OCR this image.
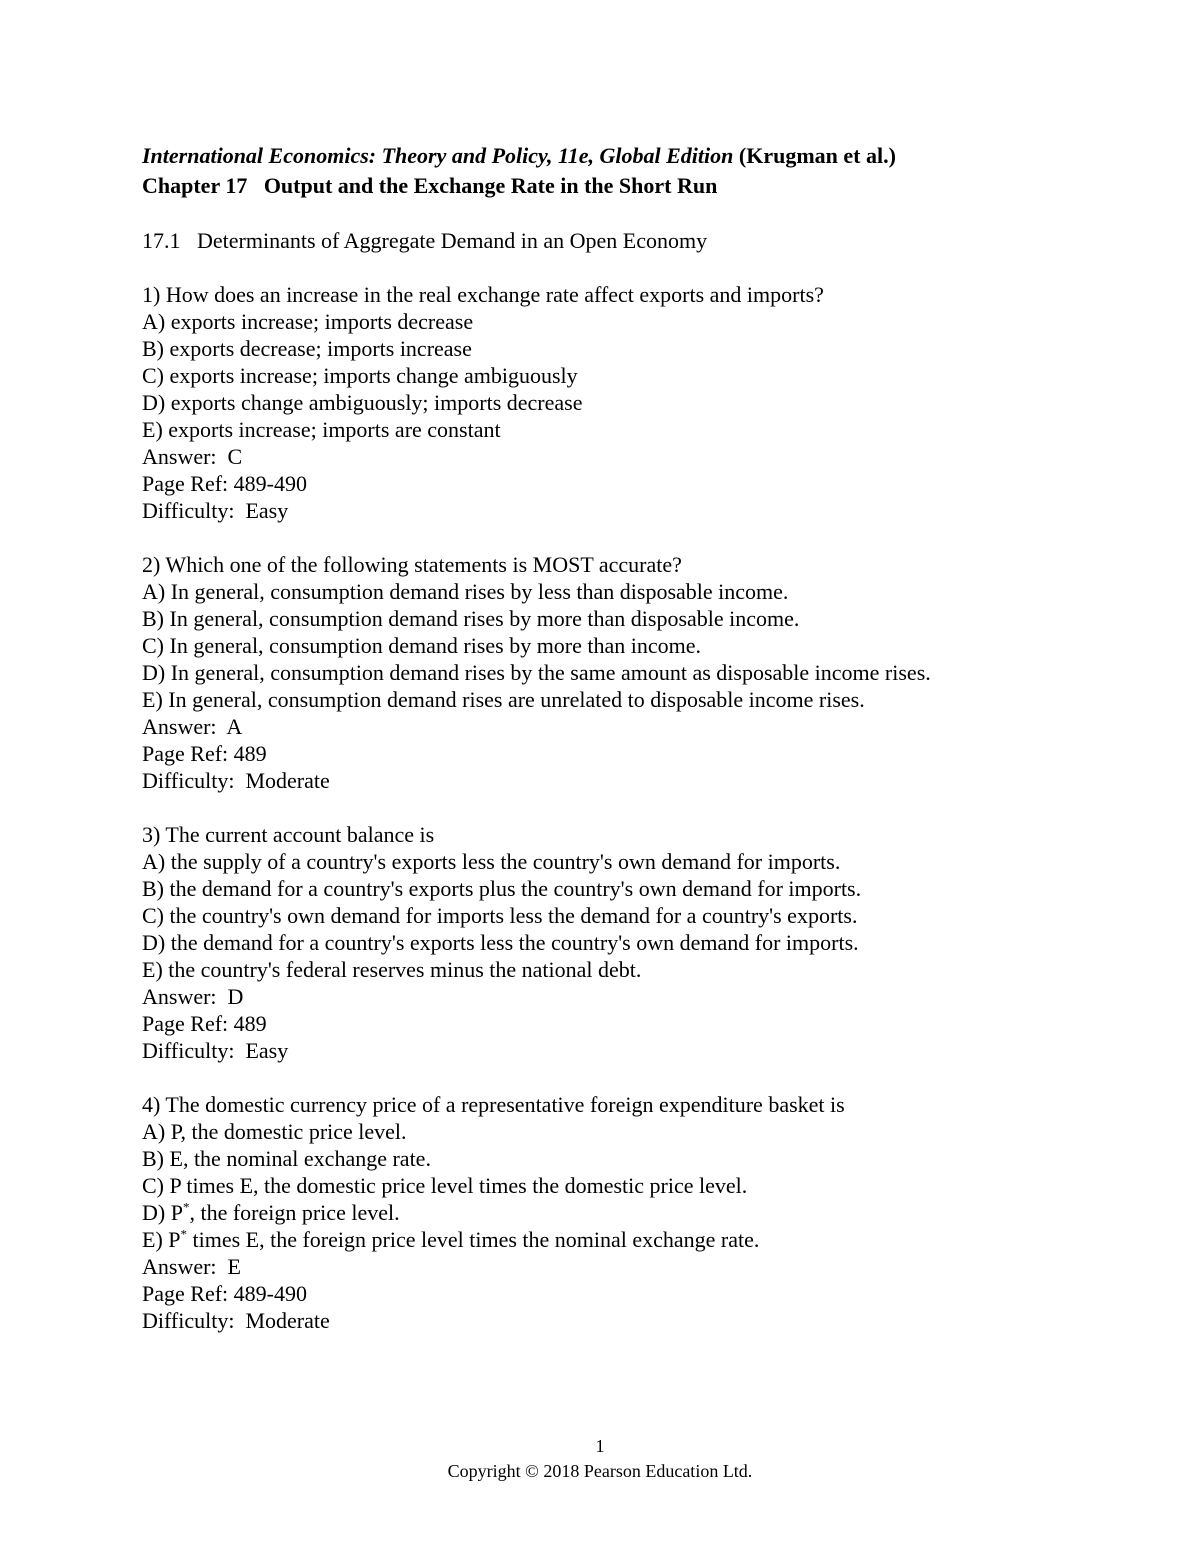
International Economics: Theory and Policy, 11e, Global Edition (Krugman et al.)
Chapter 17   Output and the Exchange Rate in the Short Run
17.1   Determinants of Aggregate Demand in an Open Economy
1) How does an increase in the real exchange rate affect exports and imports?
A) exports increase; imports decrease
B) exports decrease; imports increase
C) exports increase; imports change ambiguously
D) exports change ambiguously; imports decrease
E) exports increase; imports are constant
Answer:  C
Page Ref: 489-490
Difficulty:  Easy
2) Which one of the following statements is MOST accurate?
A) In general, consumption demand rises by less than disposable income.
B) In general, consumption demand rises by more than disposable income.
C) In general, consumption demand rises by more than income.
D) In general, consumption demand rises by the same amount as disposable income rises.
E) In general, consumption demand rises are unrelated to disposable income rises.
Answer:  A
Page Ref: 489
Difficulty:  Moderate
3) The current account balance is
A) the supply of a country's exports less the country's own demand for imports.
B) the demand for a country's exports plus the country's own demand for imports.
C) the country's own demand for imports less the demand for a country's exports.
D) the demand for a country's exports less the country's own demand for imports.
E) the country's federal reserves minus the national debt.
Answer:  D
Page Ref: 489
Difficulty:  Easy
4) The domestic currency price of a representative foreign expenditure basket is
A) P, the domestic price level.
B) E, the nominal exchange rate.
C) P times E, the domestic price level times the domestic price level.
D) P*, the foreign price level.
E) P* times E, the foreign price level times the nominal exchange rate.
Answer:  E
Page Ref: 489-490
Difficulty:  Moderate
1
Copyright © 2018 Pearson Education Ltd.
